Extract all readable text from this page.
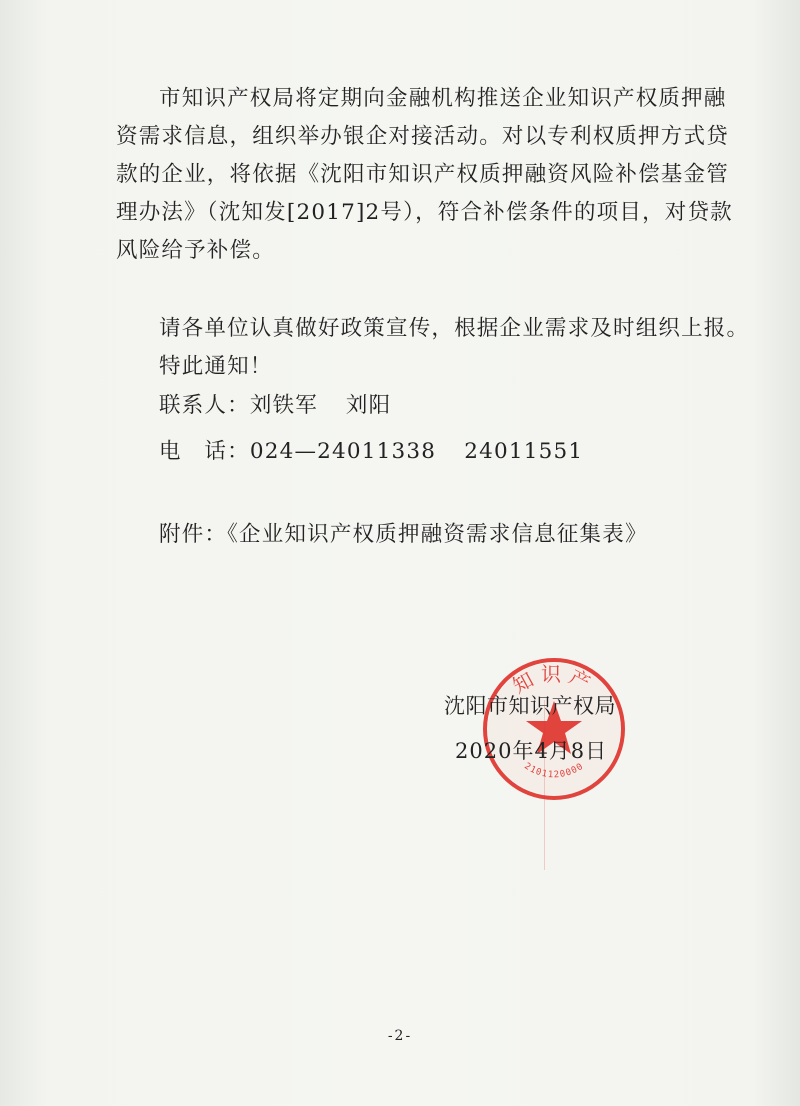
市知识产权局将定期向金融机构推送企业知识产权质押融资需求信息，组织举办银企对接活动。对以专利权质押方式贷款的企业，将依据《沈阳市知识产权质押融资风险补偿基金管理办法》（沈知发[2017]2号），符合补偿条件的项目，对贷款风险给予补偿。

请各单位认真做好政策宣传，根据企业需求及时组织上报。
特此通知！
联系人：刘铁军 刘阳
电　话：024—24011338 24011551
附件：《企业知识产权质押融资需求信息征集表》
知识产
2101120000
沈阳市知识产权局
2020年4月8日
-2-
